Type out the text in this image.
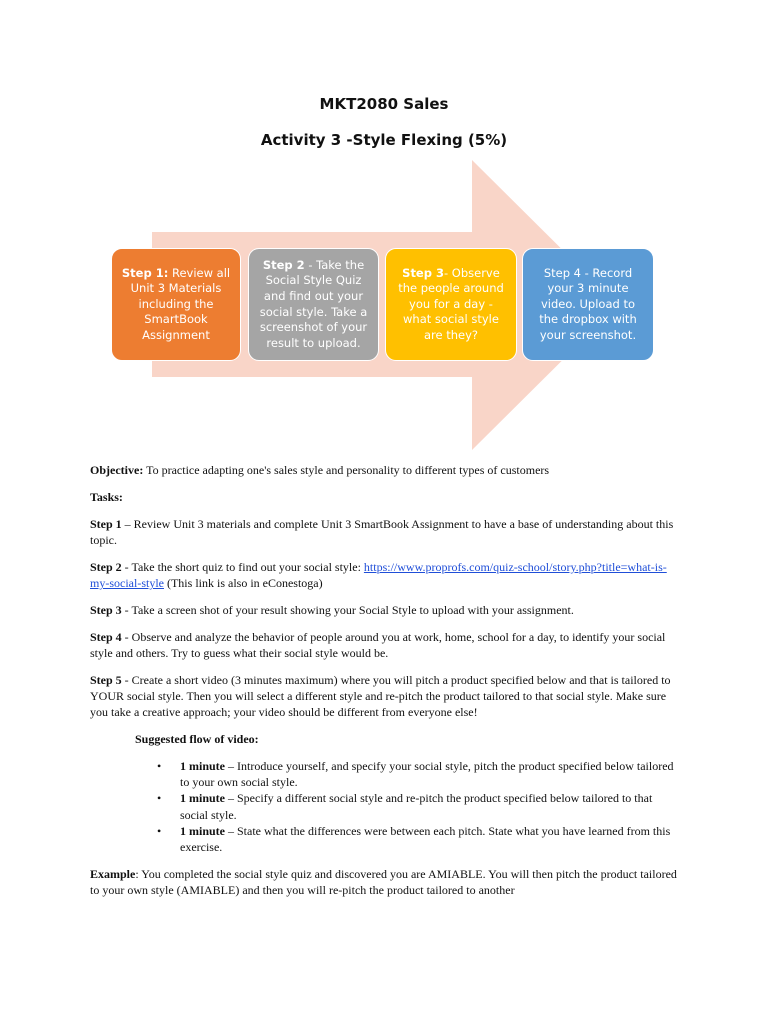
MKT2080 Sales
Activity 3 -Style Flexing (5%)
Step 1: Review all Unit 3 Materials including the SmartBook Assignment
Step 2 - Take the Social Style Quiz and find out your social style. Take a screenshot of your result to upload.
Step 3- Observe the people around you for a day - what social style are they?
Step 4 - Record your 3 minute video. Upload to the dropbox with your screenshot.

Objective: To practice adapting one's sales style and personality to different types of customers

Tasks:

Step 1 – Review Unit 3 materials and complete Unit 3 SmartBook Assignment to have a base of understanding about this topic.

Step 2 - Take the short quiz to find out your social style: https://www.proprofs.com/quiz-school/story.php?title=what-is-my-social-style (This link is also in eConestoga)

Step 3 - Take a screen shot of your result showing your Social Style to upload with your assignment.

Step 4 - Observe and analyze the behavior of people around you at work, home, school for a day, to identify your social style and others. Try to guess what their social style would be.

Step 5 - Create a short video (3 minutes maximum) where you will pitch a product specified below and that is tailored to YOUR social style. Then you will select a different style and re-pitch the product tailored to that social style. Make sure you take a creative approach; your video should be different from everyone else!

Suggested flow of video:

• 1 minute – Introduce yourself, and specify your social style, pitch the product specified below tailored to your own social style.
• 1 minute – Specify a different social style and re-pitch the product specified below tailored to that social style.
• 1 minute – State what the differences were between each pitch. State what you have learned from this exercise.

Example: You completed the social style quiz and discovered you are AMIABLE. You will then pitch the product tailored to your own style (AMIABLE) and then you will re-pitch the product tailored to another
